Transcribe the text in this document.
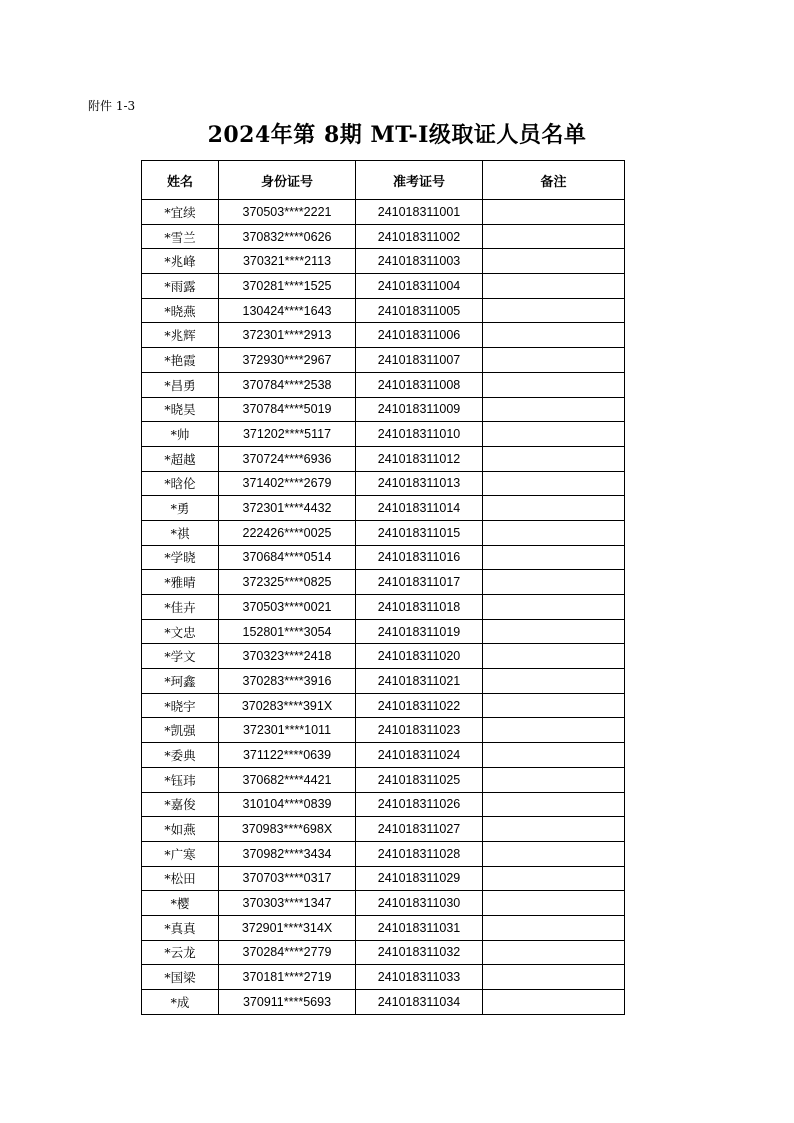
附件 1-3
2024年第 8期 MT-Ⅰ级取证人员名单
姓名	身份证号	准考证号	备注
*宜续	370503****2221	241018311001	
*雪兰	370832****0626	241018311002	
*兆峰	370321****2113	241018311003	
*雨露	370281****1525	241018311004	
*晓燕	130424****1643	241018311005	
*兆辉	372301****2913	241018311006	
*艳霞	372930****2967	241018311007	
*昌勇	370784****2538	241018311008	
*晓昊	370784****5019	241018311009	
*帅	371202****5117	241018311010	
*超越	370724****6936	241018311012	
*晗伦	371402****2679	241018311013	
*勇	372301****4432	241018311014	
*祺	222426****0025	241018311015	
*学晓	370684****0514	241018311016	
*雅晴	372325****0825	241018311017	
*佳卉	370503****0021	241018311018	
*文忠	152801****3054	241018311019	
*学文	370323****2418	241018311020	
*珂鑫	370283****3916	241018311021	
*晓宇	370283****391X	241018311022	
*凯强	372301****1011	241018311023	
*委典	371122****0639	241018311024	
*钰玮	370682****4421	241018311025	
*嘉俊	310104****0839	241018311026	
*如燕	370983****698X	241018311027	
*广寒	370982****3434	241018311028	
*松田	370703****0317	241018311029	
*樱	370303****1347	241018311030	
*真真	372901****314X	241018311031	
*云龙	370284****2779	241018311032	
*国梁	370181****2719	241018311033	
*成	370911****5693	241018311034	
